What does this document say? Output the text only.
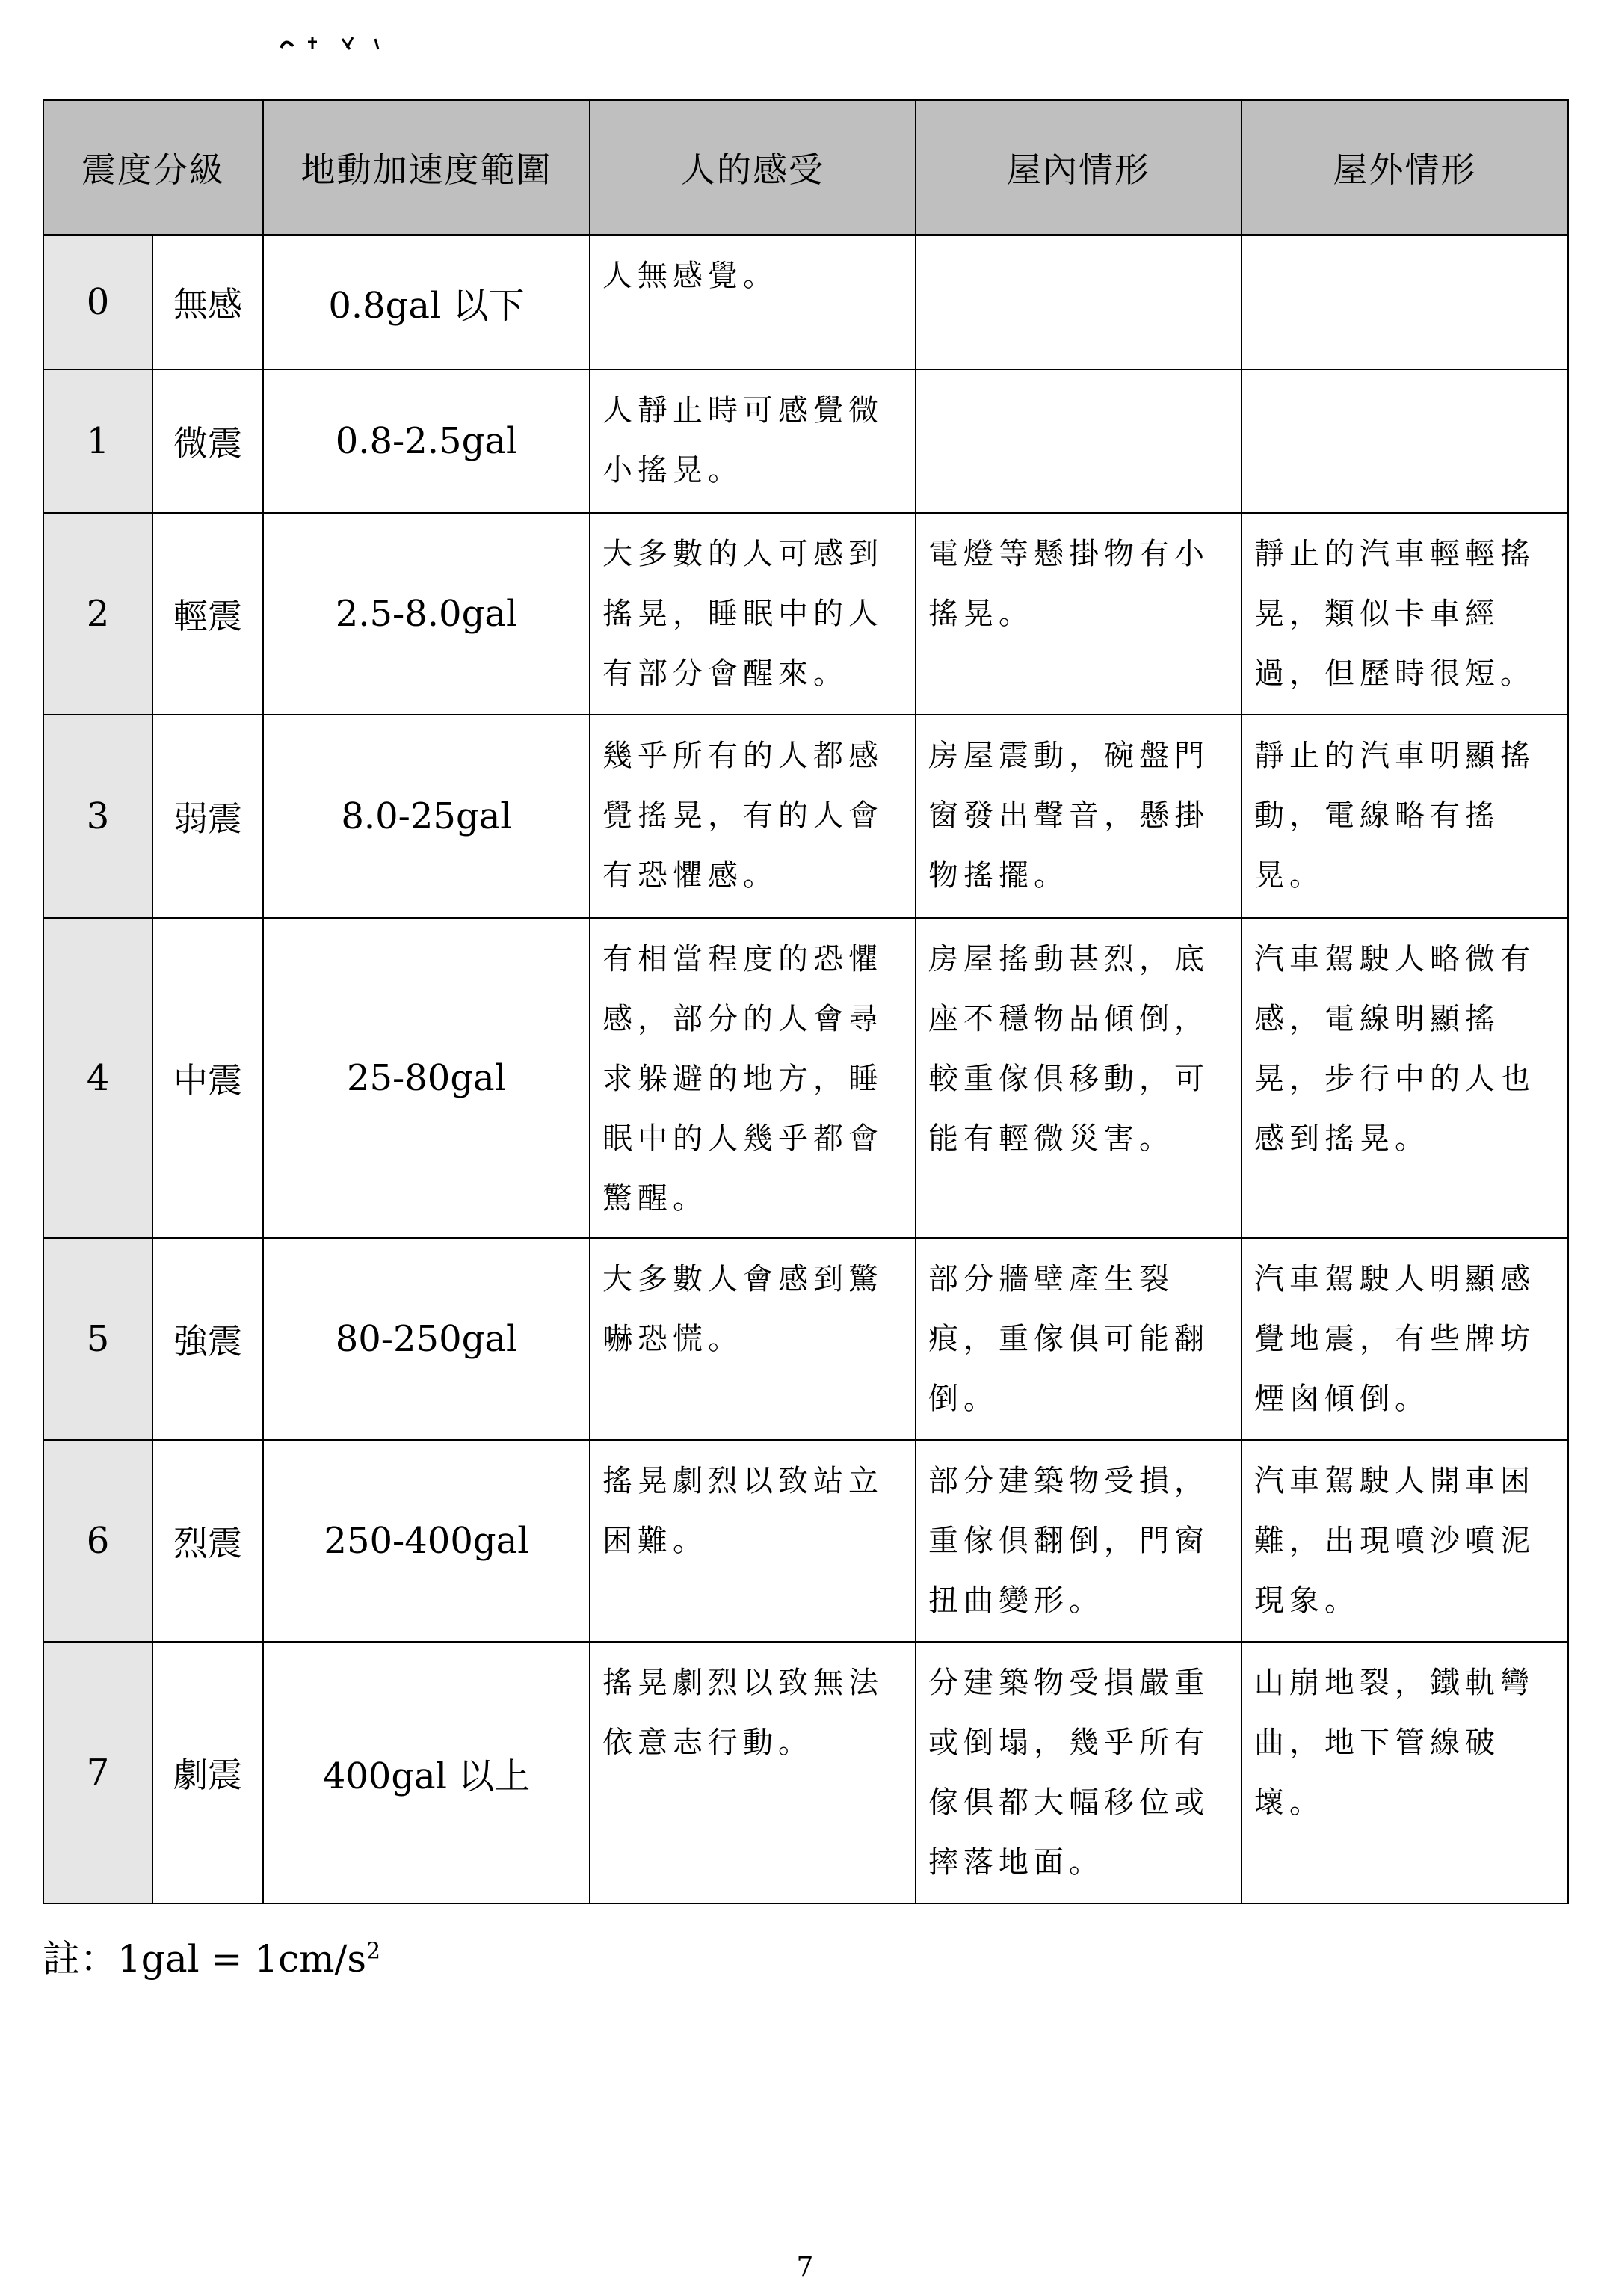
震度分級		地動加速度範圍	人的感受	屋內情形	屋外情形
0	無感	0.8gal 以下	人無感覺。		
1	微震	0.8-2.5gal	人靜止時可感覺微小搖晃。		
2	輕震	2.5-8.0gal	大多數的人可感到搖晃，睡眠中的人有部分會醒來。	電燈等懸掛物有小搖晃。	靜止的汽車輕輕搖晃，類似卡車經過，但歷時很短。
3	弱震	8.0-25gal	幾乎所有的人都感覺搖晃，有的人會有恐懼感。	房屋震動，碗盤門窗發出聲音，懸掛物搖擺。	靜止的汽車明顯搖動，電線略有搖晃。
4	中震	25-80gal	有相當程度的恐懼感，部分的人會尋求躲避的地方，睡眠中的人幾乎都會驚醒。	房屋搖動甚烈，底座不穩物品傾倒，較重傢俱移動，可能有輕微災害。	汽車駕駛人略微有感，電線明顯搖晃，步行中的人也感到搖晃。
5	強震	80-250gal	大多數人會感到驚嚇恐慌。	部分牆壁產生裂痕，重傢俱可能翻倒。	汽車駕駛人明顯感覺地震，有些牌坊煙囪傾倒。
6	烈震	250-400gal	搖晃劇烈以致站立困難。	部分建築物受損，重傢俱翻倒，門窗扭曲變形。	汽車駕駛人開車困難，出現噴沙噴泥現象。
7	劇震	400gal 以上	搖晃劇烈以致無法依意志行動。	分建築物受損嚴重或倒塌，幾乎所有傢俱都大幅移位或摔落地面。	山崩地裂，鐵軌彎曲，地下管線破壞。
註：$1gal = 1cm/s^2$
7
